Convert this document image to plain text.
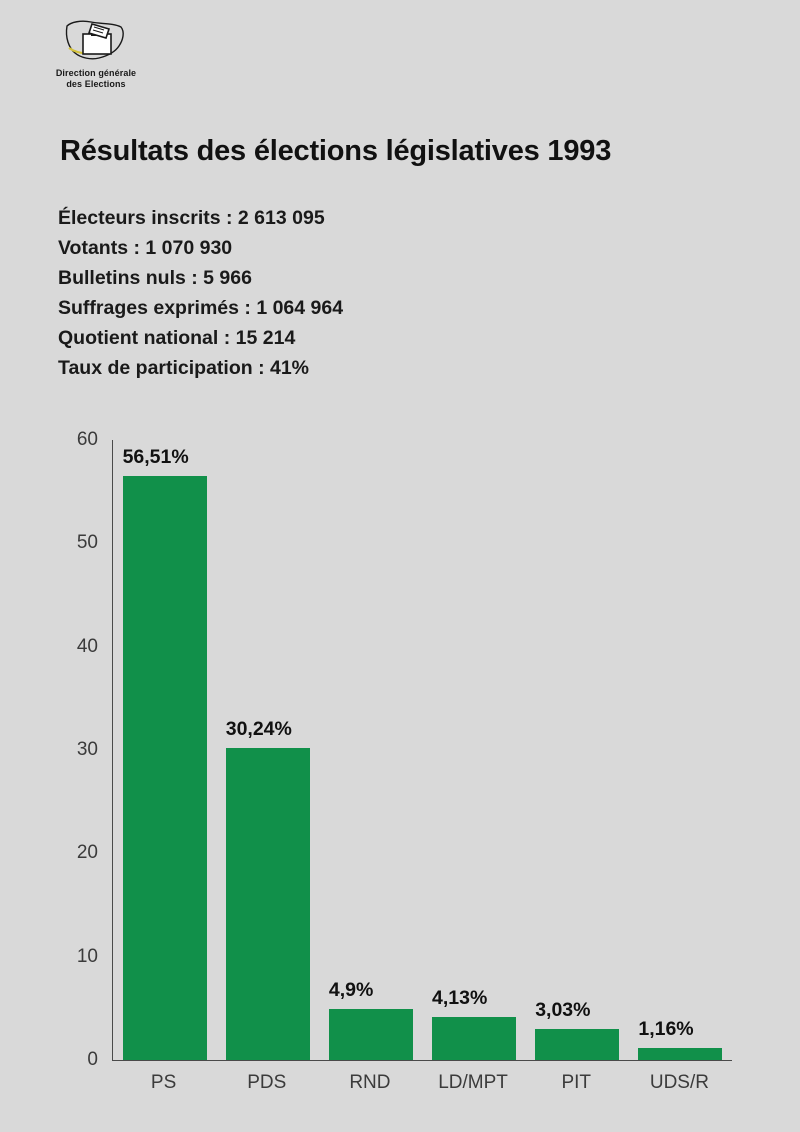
Direction générale
des Elections
Résultats des élections législatives 1993
Électeurs inscrits : 2 613 095
Votants : 1 070 930
Bulletins nuls : 5 966
Suffrages exprimés : 1 064 964
Quotient national : 15 214
Taux de participation : 41%
60
50
40
30
20
10
0
56,51%
30,24%
4,9%	4,13%
3,03%
1,16%
PS	PDS	RND	LD/MPT	PIT	UDS/R
